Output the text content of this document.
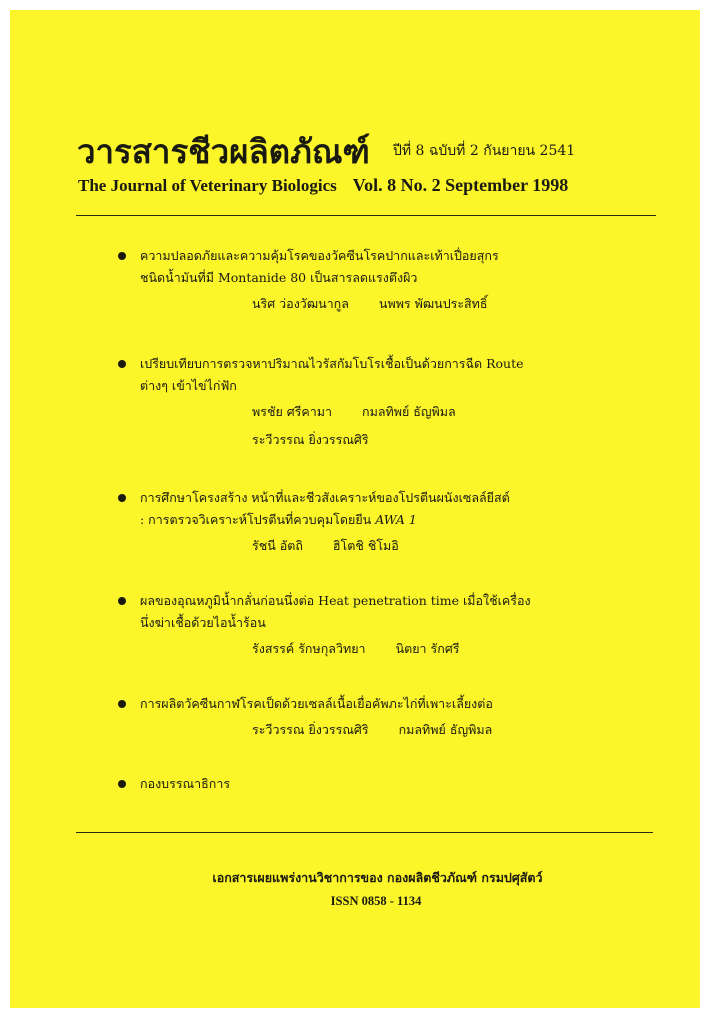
วารสารชีวผลิตภัณฑ์ ปีที่ 8 ฉบับที่ 2 กันยายน 2541
The Journal of Veterinary Biologics Vol. 8 No. 2 September 1998
ความปลอดภัยและความคุ้มโรคของวัคซีนโรคปากและเท้าเปื่อยสุกร
ชนิดน้ำมันที่มี Montanide 80 เป็นสารลดแรงตึงผิว
นริศ ว่องวัฒนากูล นพพร พัฒนประสิทธิ์
เปรียบเทียบการตรวจหาปริมาณไวรัสกัมโบโรเชื้อเป็นด้วยการฉีด Route
ต่างๆ เข้าไข่ไก่ฟัก
พรชัย ศรีคามา กมลทิพย์ ธัญพิมล
ระวีวรรณ ยิ่งวรรณศิริ
การศึกษาโครงสร้าง หน้าที่และชีวสังเคราะห์ของโปรตีนผนังเซลล์ยีสต์
: การตรวจวิเคราะห์โปรตีนที่ควบคุมโดยยีน AWA 1
รัชนี อัตถิ ฮิโตชิ ชิโมอิ
ผลของอุณหภูมิน้ำกลั่นก่อนนึ่งต่อ Heat penetration time เมื่อใช้เครื่อง
นึ่งฆ่าเชื้อด้วยไอน้ำร้อน
รังสรรค์ รักษกุลวิทยา นิตยา รักศรี
การผลิตวัคซีนกาฬโรคเป็ดด้วยเซลล์เนื้อเยื่อคัพภะไก่ที่เพาะเลี้ยงต่อ
ระวีวรรณ ยิ่งวรรณศิริ กมลทิพย์ ธัญพิมล
กองบรรณาธิการ
เอกสารเผยแพร่งานวิชาการของ กองผลิตชีวภัณฑ์ กรมปศุสัตว์
ISSN 0858 - 1134
